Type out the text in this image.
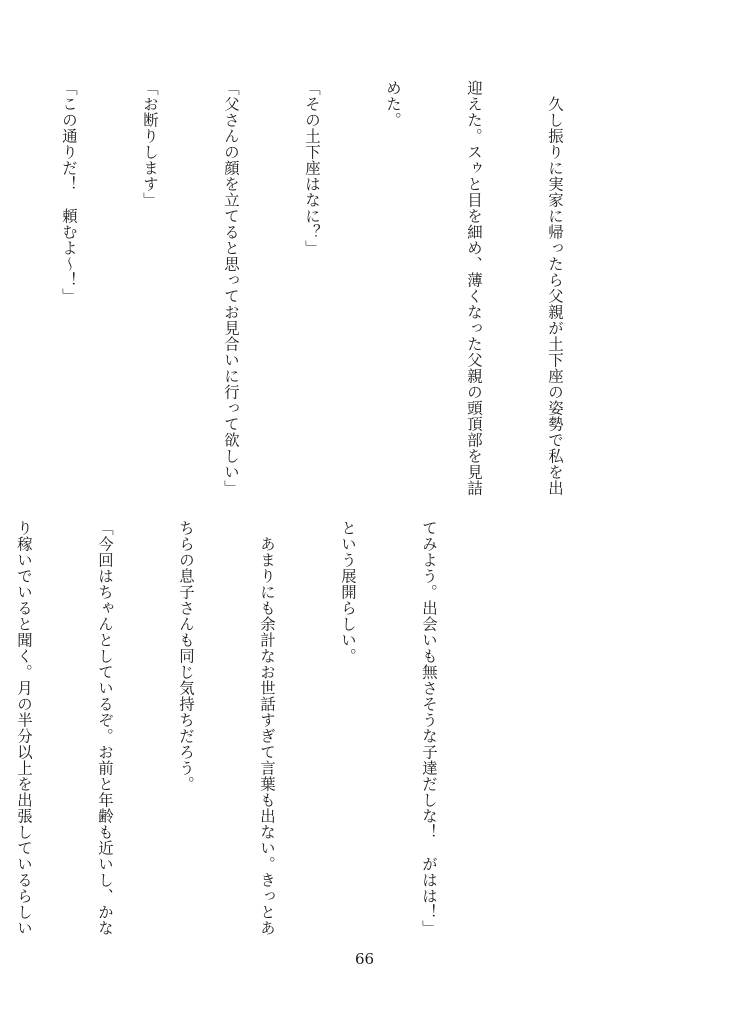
　久し振りに実家に帰ったら父親が土下座の姿勢で私を出

迎えた。スゥと目を細め、薄くなった父親の頭頂部を見詰

めた。

「その土下座はなに？」

「父さんの顔を立てると思ってお見合いに行って欲しい」

「お断りします」

「この通りだ！　頼むよ～！」

てみよう。出会いも無さそうな子達だしな！　がはは！」

という展開らしい。

　あまりにも余計なお世話すぎて言葉も出ない。きっとあ

ちらの息子さんも同じ気持ちだろう。

「今回はちゃんとしているぞ。お前と年齢も近いし、かな

り稼いでいると聞く。月の半分以上を出張しているらしい

66
